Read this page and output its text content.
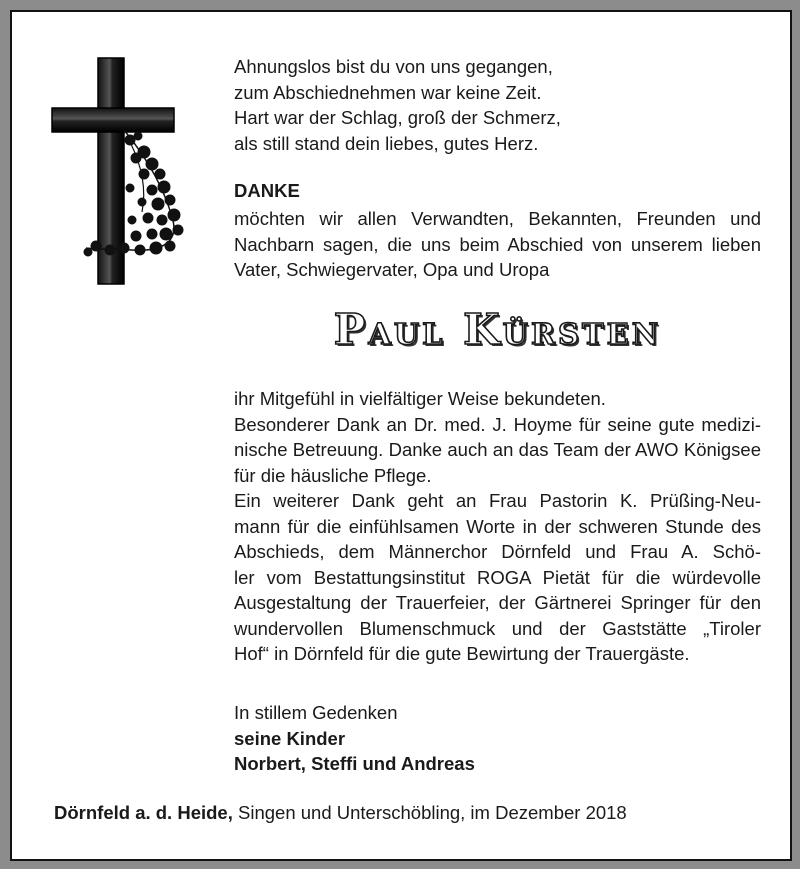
Ahnungslos bist du von uns gegangen,
zum Abschiednehmen war keine Zeit.
Hart war der Schlag, groß der Schmerz,
als still stand dein liebes, gutes Herz.
DANKE
möchten wir allen Verwandten, Bekannten, Freunden und
Nachbarn sagen, die uns beim Abschied von unserem lieben
Vater, Schwiegervater, Opa und Uropa
Paul Kürsten
ihr Mitgefühl in vielfältiger Weise bekundeten.
Besonderer Dank an Dr. med. J. Hoyme für seine gute medizi-
nische Betreuung. Danke auch an das Team der AWO Königsee
für die häusliche Pflege.
Ein weiterer Dank geht an Frau Pastorin K. Prüßing-Neu-
mann für die einfühlsamen Worte in der schweren Stunde des
Abschieds, dem Männerchor Dörnfeld und Frau A. Schö-
ler vom Bestattungsinstitut ROGA Pietät für die würdevolle
Ausgestaltung der Trauerfeier, der Gärtnerei Springer für den
wundervollen Blumenschmuck und der Gaststätte „Tiroler
Hof“ in Dörnfeld für die gute Bewirtung der Trauergäste.
In stillem Gedenken
seine Kinder
Norbert, Steffi und Andreas
Dörnfeld a. d. Heide, Singen und Unterschöbling, im Dezember 2018
